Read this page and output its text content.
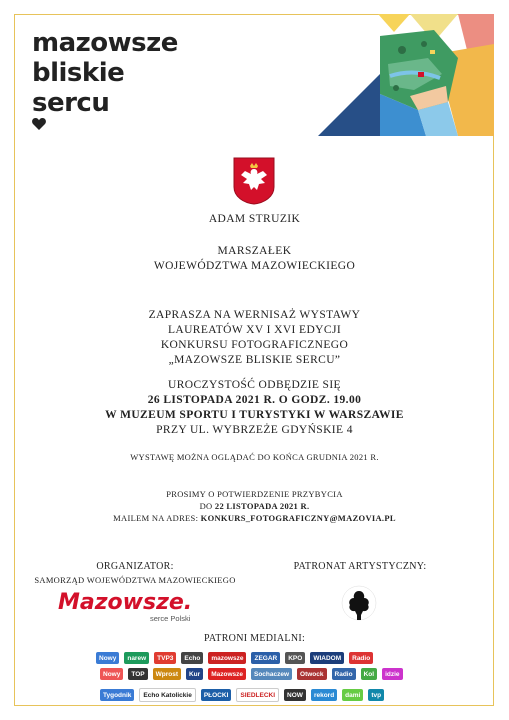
mazowsze
bliskie
sercu
ADAM STRUZIK
MARSZAŁEK
WOJEWÓDZTWA MAZOWIECKIEGO
ZAPRASZA NA WERNISAŻ WYSTAWY
LAUREATÓW XV I XVI EDYCJI
KONKURSU FOTOGRAFICZNEGO
„MAZOWSZE BLISKIE SERCU”
UROCZYSTOŚĆ ODBĘDZIE SIĘ
26 LISTOPADA 2021 R. O GODZ. 19.00
W MUZEUM SPORTU I TURYSTYKI W WARSZAWIE
PRZY UL. WYBRZEŻE GDYŃSKIE 4
WYSTAWĘ MOŻNA OGLĄDAĆ DO KOŃCA GRUDNIA 2021 R.
PROSIMY O POTWIERDZENIE PRZYBYCIA
DO 22 LISTOPADA 2021 R.
MAILEM NA ADRES: KONKURS_FOTOGRAFICZNY@MAZOVIA.PL
ORGANIZATOR:
SAMORZĄD WOJEWÓDZTWA MAZOWIECKIEGO
Mazowsze.
serce Polski
PATRONAT ARTYSTYCZNY:
PATRONI MEDIALNI:
Nowy	narew	TVP3	Echo	mazowsze	ZEGAR	KPO	WIADOM	Radio
Nowy	TOP	Wprost	Kur	Mazowsze	Sochaczew	Otwock	Radio	Kol	idzie
Tygodnik	Echo Katolickie	PŁOCKI	SIEDLECKI	NOW	rekord	dami	tvp
